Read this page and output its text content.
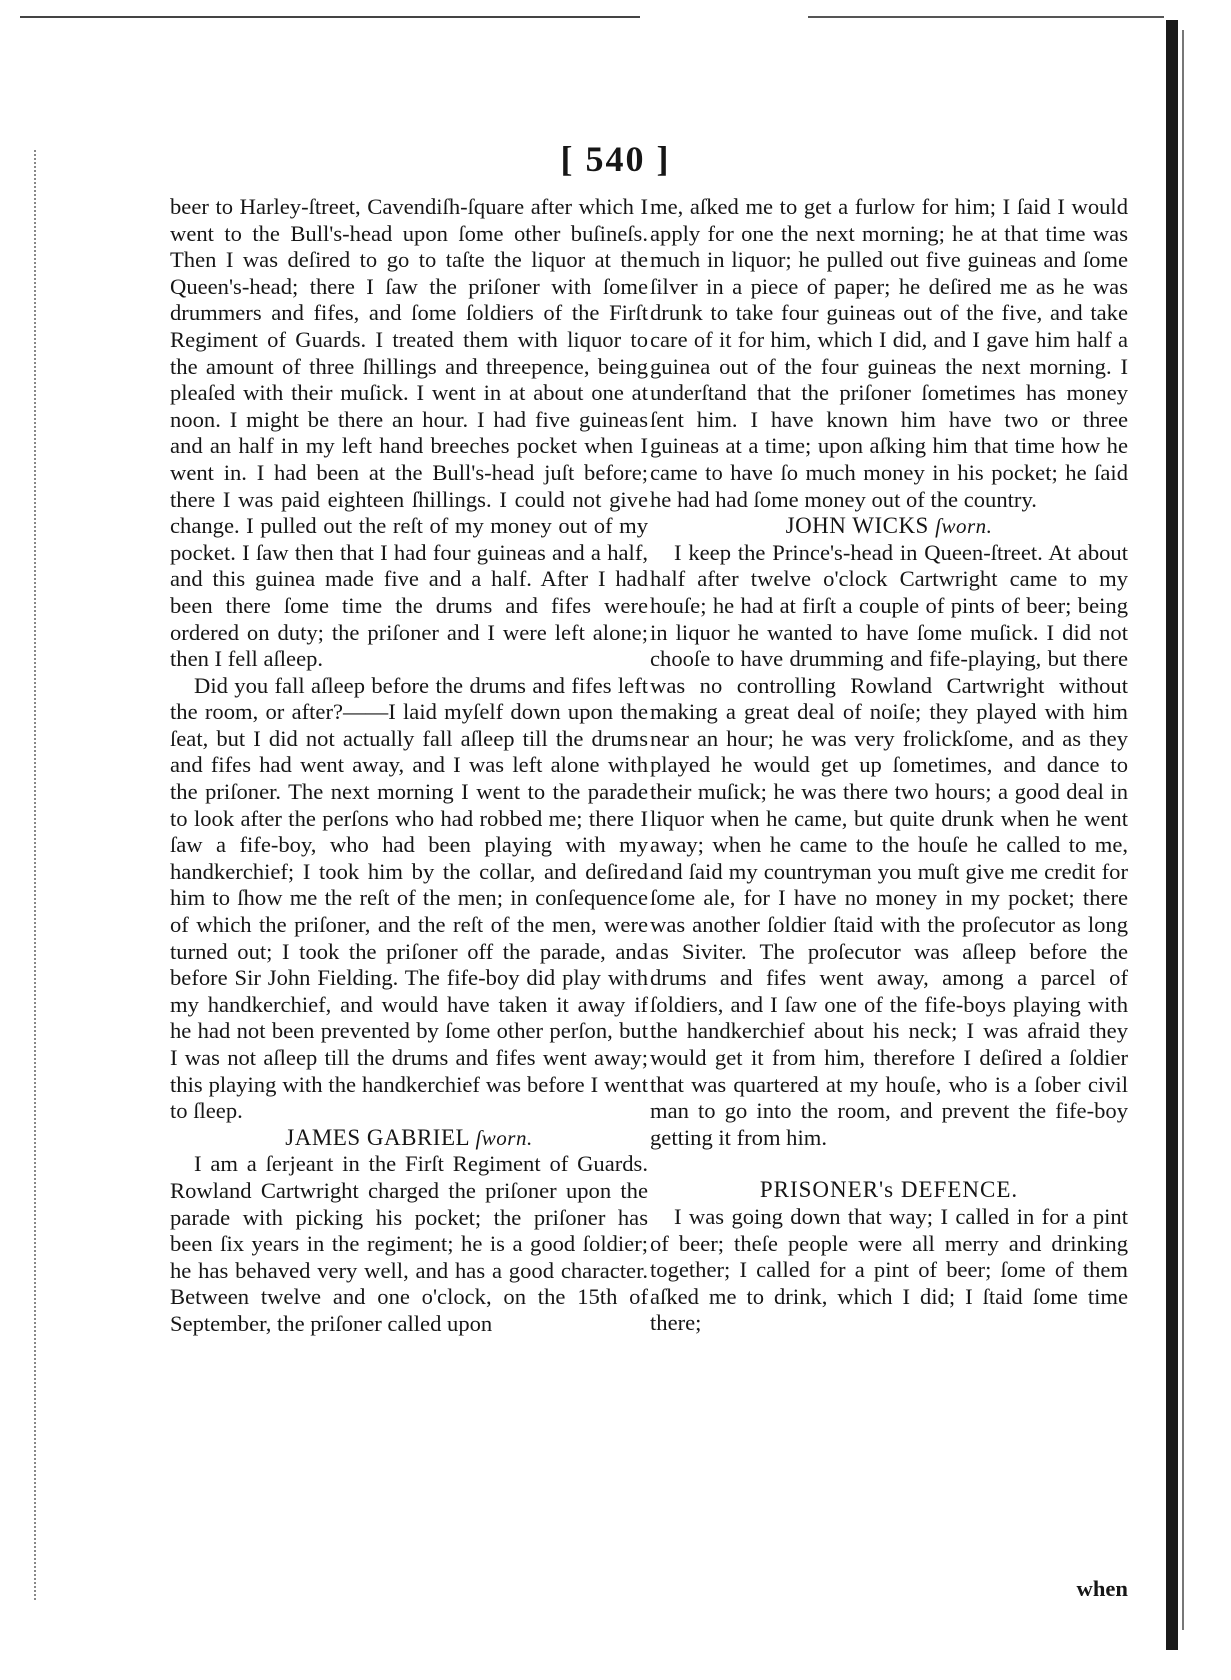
[ 540 ]

beer to Harley-ſtreet, Cavendiſh-ſquare after which I went to the Bull's-head upon ſome other buſineſs. Then I was deſired to go to taſte the liquor at the Queen's-head; there I ſaw the priſoner with ſome drummers and fifes, and ſome ſoldiers of the Firſt Regiment of Guards. I treated them with liquor to the amount of three ſhillings and threepence, being pleaſed with their muſick. I went in at about one at noon. I might be there an hour. I had five guineas and an half in my left hand breeches pocket when I went in. I had been at the Bull's-head juſt before; there I was paid eighteen ſhillings. I could not give change. I pulled out the reſt of my money out of my pocket. I ſaw then that I had four guineas and a half, and this guinea made five and a half. After I had been there ſome time the drums and fifes were ordered on duty; the priſoner and I were left alone; then I fell aſleep.

Did you fall aſleep before the drums and fifes left the room, or after?——I laid myſelf down upon the ſeat, but I did not actually fall aſleep till the drums and fifes had went away, and I was left alone with the priſoner. The next morning I went to the parade to look after the perſons who had robbed me; there I ſaw a fife-boy, who had been playing with my handkerchief; I took him by the collar, and deſired him to ſhow me the reſt of the men; in conſequence of which the priſoner, and the reſt of the men, were turned out; I took the priſoner off the parade, and before Sir John Fielding. The fife-boy did play with my handkerchief, and would have taken it away if he had not been prevented by ſome other perſon, but I was not aſleep till the drums and fifes went away; this playing with the handkerchief was before I went to ſleep.

JAMES GABRIEL ſworn.

I am a ſerjeant in the Firſt Regiment of Guards. Rowland Cartwright charged the priſoner upon the parade with picking his pocket; the priſoner has been ſix years in the regiment; he is a good ſoldier; he has behaved very well, and has a good character. Between twelve and one o'clock, on the 15th of September, the priſoner called upon

me, aſked me to get a furlow for him; I ſaid I would apply for one the next morning; he at that time was much in liquor; he pulled out five guineas and ſome ſilver in a piece of paper; he deſired me as he was drunk to take four guineas out of the five, and take care of it for him, which I did, and I gave him half a guinea out of the four guineas the next morning. I underſtand that the priſoner ſometimes has money ſent him. I have known him have two or three guineas at a time; upon aſking him that time how he came to have ſo much money in his pocket; he ſaid he had had ſome money out of the country.

JOHN WICKS ſworn.

I keep the Prince's-head in Queen-ſtreet. At about half after twelve o'clock Cartwright came to my houſe; he had at firſt a couple of pints of beer; being in liquor he wanted to have ſome muſick. I did not chooſe to have drumming and fife-playing, but there was no controlling Rowland Cartwright without making a great deal of noiſe; they played with him near an hour; he was very frolickſome, and as they played he would get up ſometimes, and dance to their muſick; he was there two hours; a good deal in liquor when he came, but quite drunk when he went away; when he came to the houſe he called to me, and ſaid my countryman you muſt give me credit for ſome ale, for I have no money in my pocket; there was another ſoldier ſtaid with the proſecutor as long as Siviter. The proſecutor was aſleep before the drums and fifes went away, among a parcel of ſoldiers, and I ſaw one of the fife-boys playing with the handkerchief about his neck; I was afraid they would get it from him, therefore I deſired a ſoldier that was quartered at my houſe, who is a ſober civil man to go into the room, and prevent the fife-boy getting it from him.

PRISONER's DEFENCE.

I was going down that way; I called in for a pint of beer; theſe people were all merry and drinking together; I called for a pint of beer; ſome of them aſked me to drink, which I did; I ſtaid ſome time there;

when
